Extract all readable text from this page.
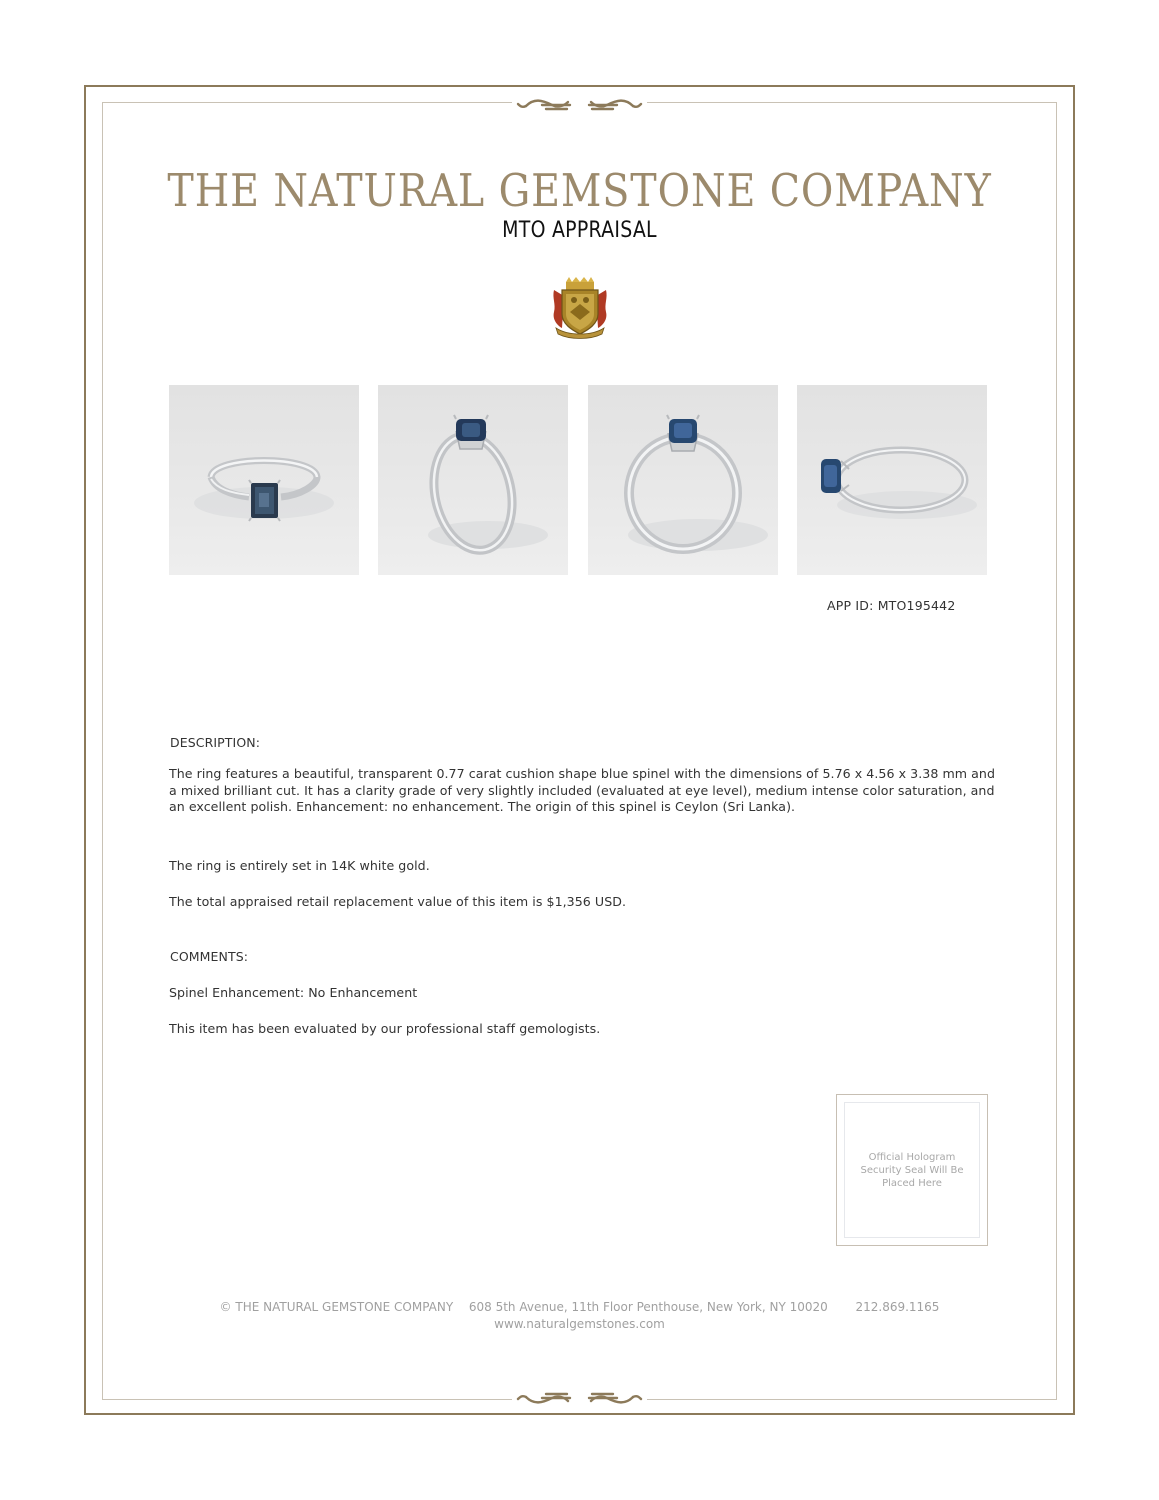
THE NATURAL GEMSTONE COMPANY
MTO APPRAISAL
APP ID: MTO195442
DESCRIPTION:
The ring features a beautiful, transparent 0.77 carat cushion shape blue spinel with the dimensions of 5.76 x 4.56 x 3.38 mm and a mixed brilliant cut. It has a clarity grade of very slightly included (evaluated at eye level), medium intense color saturation, and an excellent polish. Enhancement: no enhancement. The origin of this spinel is Ceylon (Sri Lanka).
The ring is entirely set in 14K white gold.
The total appraised retail replacement value of this item is $1,356 USD.
COMMENTS:
Spinel Enhancement: No Enhancement
This item has been evaluated by our professional staff gemologists.
Official Hologram Security Seal Will Be Placed Here
© THE NATURAL GEMSTONE COMPANY 608 5th Avenue, 11th Floor Penthouse, New York, NY 10020 212.869.1165
www.naturalgemstones.com
